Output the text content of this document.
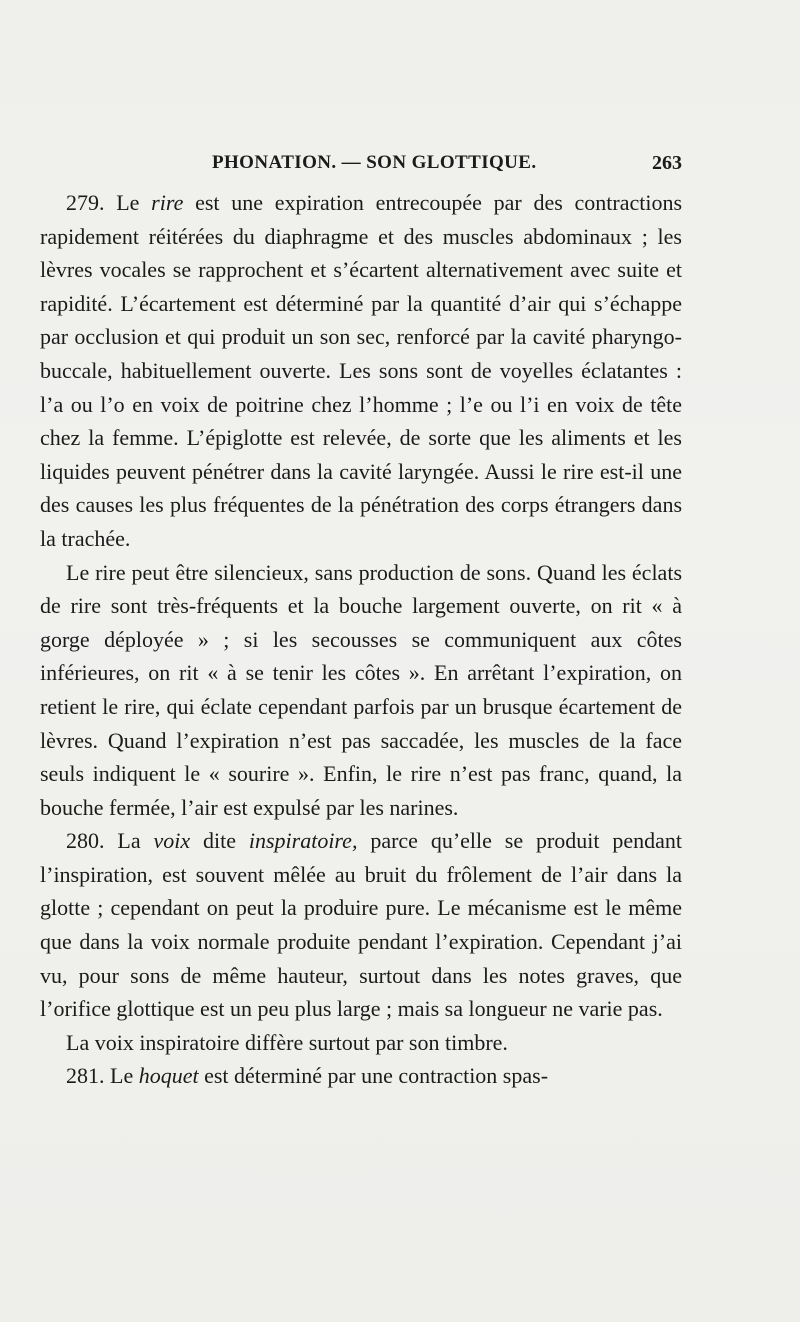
PHONATION. — SON GLOTTIQUE.	263

279. Le rire est une expiration entrecoupée par des contractions rapidement réitérées du diaphragme et des muscles abdominaux ; les lèvres vocales se rapprochent et s’écartent alternativement avec suite et rapidité. L’écartement est déterminé par la quantité d’air qui s’échappe par occlusion et qui produit un son sec, renforcé par la cavité pharyngo-buccale, habituellement ouverte. Les sons sont de voyelles éclatantes : l’a ou l’o en voix de poitrine chez l’homme ; l’e ou l’i en voix de tête chez la femme. L’épiglotte est relevée, de sorte que les aliments et les liquides peuvent pénétrer dans la cavité laryngée. Aussi le rire est-il une des causes les plus fréquentes de la pénétration des corps étrangers dans la trachée.

Le rire peut être silencieux, sans production de sons. Quand les éclats de rire sont très-fréquents et la bouche largement ouverte, on rit « à gorge déployée » ; si les secousses se communiquent aux côtes inférieures, on rit « à se tenir les côtes ». En arrêtant l’expiration, on retient le rire, qui éclate cependant parfois par un brusque écartement de lèvres. Quand l’expiration n’est pas saccadée, les muscles de la face seuls indiquent le « sourire ». Enfin, le rire n’est pas franc, quand, la bouche fermée, l’air est expulsé par les narines.

280. La voix dite inspiratoire, parce qu’elle se produit pendant l’inspiration, est souvent mêlée au bruit du frôlement de l’air dans la glotte ; cependant on peut la produire pure. Le mécanisme est le même que dans la voix normale produite pendant l’expiration. Cependant j’ai vu, pour sons de même hauteur, surtout dans les notes graves, que l’orifice glottique est un peu plus large ; mais sa longueur ne varie pas.

La voix inspiratoire diffère surtout par son timbre.

281. Le hoquet est déterminé par une contraction spas-
